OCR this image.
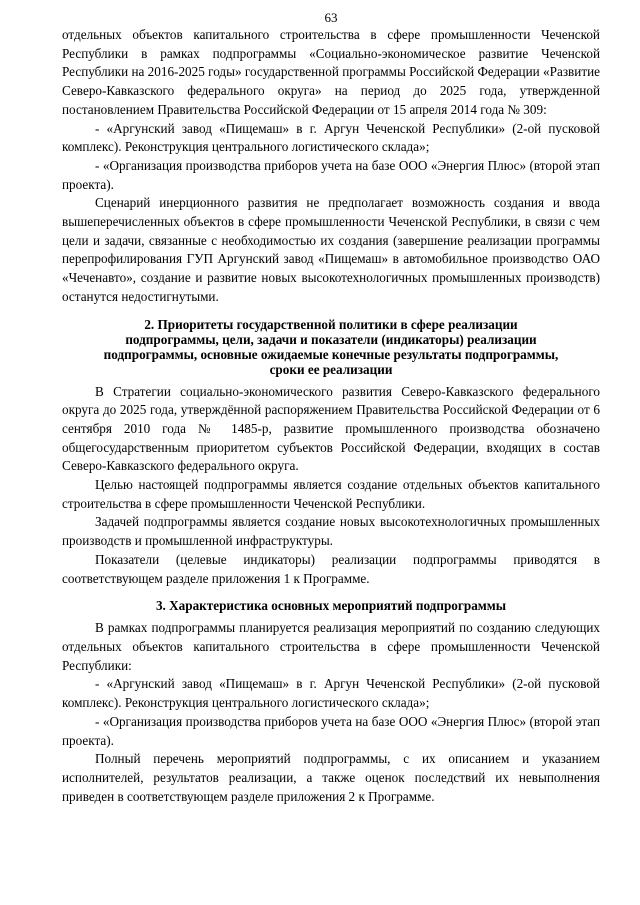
63

отдельных объектов капитального строительства в сфере промышленности Чеченской Республики в рамках подпрограммы «Социально-экономическое развитие Чеченской Республики на 2016-2025 годы» государственной программы Российской Федерации «Развитие Северо-Кавказского федерального округа» на период до 2025 года, утвержденной постановлением Правительства Российской Федерации от 15 апреля 2014 года № 309:

- «Аргунский завод «Пищемаш» в г. Аргун Чеченской Республики» (2-ой пусковой комплекс). Реконструкция центрального логистического склада»;

- «Организация производства приборов учета на базе ООО «Энергия Плюс» (второй этап проекта).

Сценарий инерционного развития не предполагает возможность создания и ввода вышеперечисленных объектов в сфере промышленности Чеченской Республики, в связи с чем цели и задачи, связанные с необходимостью их создания (завершение реализации программы перепрофилирования ГУП Аргунский завод «Пищемаш» в автомобильное производство ОАО «Чеченавто», создание и развитие новых высокотехнологичных промышленных производств) останутся недостигнутыми.

2. Приоритеты государственной политики в сфере реализации
подпрограммы, цели, задачи и показатели (индикаторы) реализации
подпрограммы, основные ожидаемые конечные результаты подпрограммы,
сроки ее реализации

В Стратегии социально-экономического развития Северо-Кавказского федерального округа до 2025 года, утверждённой распоряжением Правительства Российской Федерации от 6 сентября 2010 года № 1485-р, развитие промышленного производства обозначено общегосударственным приоритетом субъектов Российской Федерации, входящих в состав Северо-Кавказского федерального округа.

Целью настоящей подпрограммы является создание отдельных объектов капитального строительства в сфере промышленности Чеченской Республики.

Задачей подпрограммы является создание новых высокотехнологичных промышленных производств и промышленной инфраструктуры.

Показатели (целевые индикаторы) реализации подпрограммы приводятся в соответствующем разделе приложения 1 к Программе.

3. Характеристика основных мероприятий подпрограммы

В рамках подпрограммы планируется реализация мероприятий по созданию следующих отдельных объектов капитального строительства в сфере промышленности Чеченской Республики:

- «Аргунский завод «Пищемаш» в г. Аргун Чеченской Республики» (2-ой пусковой комплекс). Реконструкция центрального логистического склада»;

- «Организация производства приборов учета на базе ООО «Энергия Плюс» (второй этап проекта).

Полный перечень мероприятий подпрограммы, с их описанием и указанием исполнителей, результатов реализации, а также оценок последствий их невыполнения приведен в соответствующем разделе приложения 2 к Программе.
